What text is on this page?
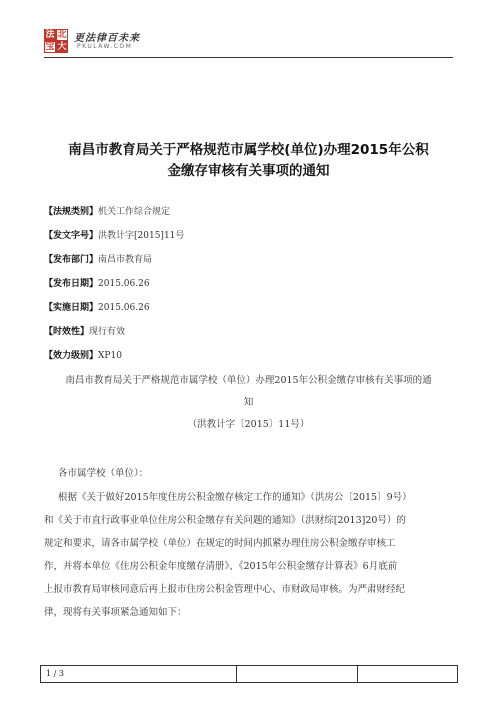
法 北
宝 大
更法律百未来
PKULAW.COM
南昌市教育局关于严格规范市属学校(单位)办理2015年公积
金缴存审核有关事项的通知
【法规类别】机关工作综合规定
【发文字号】洪教计字[2015]11号
【发布部门】南昌市教育局
【发布日期】2015.06.26
【实施日期】2015.06.26
【时效性】现行有效
【效力级别】XP10
南昌市教育局关于严格规范市属学校（单位）办理2015年公积金缴存审核有关事项的通
知
（洪教计字〔2015〕11号）
各市属学校（单位）：
根据《关于做好2015年度住房公积金缴存核定工作的通知》（洪房公〔2015〕9号）
和《关于市直行政事业单位住房公积金缴存有关问题的通知》（洪财综[2013]20号）的
规定和要求，请各市属学校（单位）在规定的时间内抓紧办理住房公积金缴存审核工
作，并将本单位《住房公积金年度缴存清册》、《2015年公积金缴存计算表》6月底前
上报市教育局审核同意后再上报市住房公积金管理中心、市财政局审核。为严肃财经纪
律，现将有关事项紧急通知如下：
1 / 3
